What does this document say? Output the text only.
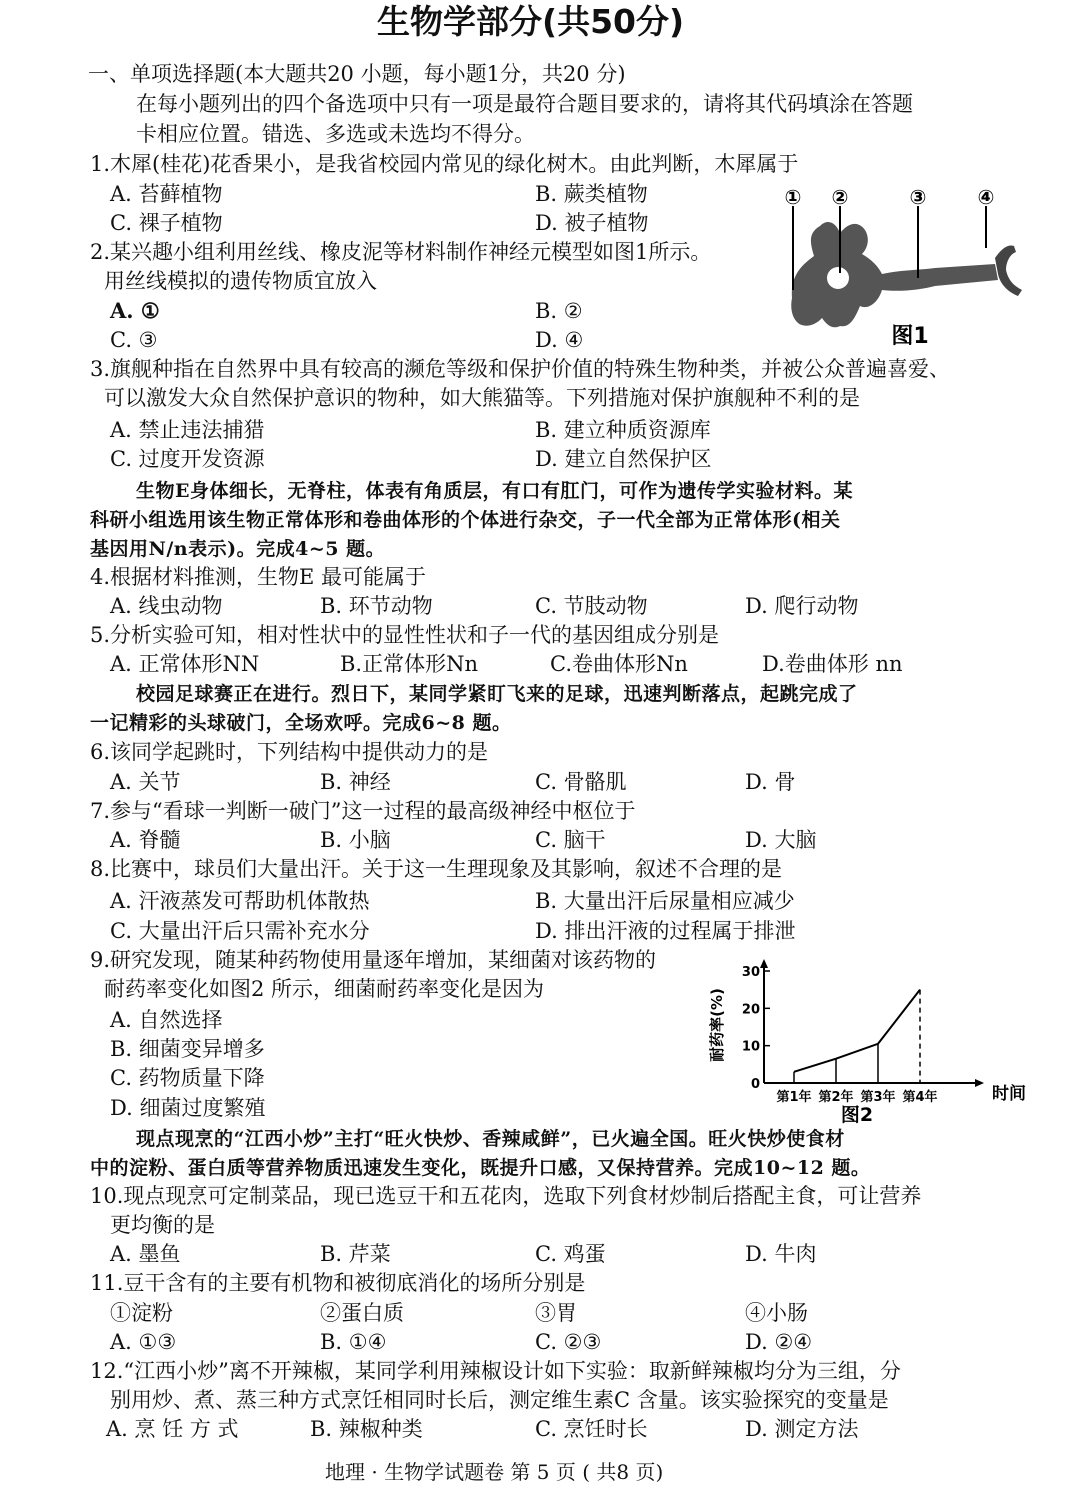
生物学部分(共50分)
一、单项选择题(本大题共20 小题，每小题1分，共20 分)
在每小题列出的四个备选项中只有一项是最符合题目要求的，请将其代码填涂在答题
卡相应位置。错选、多选或未选均不得分。
1.木犀(桂花)花香果小，是我省校园内常见的绿化树木。由此判断，木犀属于
A. 苔藓植物	B. 蕨类植物
C. 裸子植物	D. 被子植物
2.某兴趣小组利用丝线、橡皮泥等材料制作神经元模型如图1所示。
用丝线模拟的遗传物质宜放入
A. ①	B. ②
C. ③	D. ④
① ②	③	④
图1
3.旗舰种指在自然界中具有较高的濒危等级和保护价值的特殊生物种类，并被公众普遍喜爱、
可以激发大众自然保护意识的物种，如大熊猫等。下列措施对保护旗舰种不利的是
A. 禁止违法捕猎	B. 建立种质资源库
C. 过度开发资源	D. 建立自然保护区
生物E身体细长，无脊柱，体表有角质层，有口有肛门，可作为遗传学实验材料。某
科研小组选用该生物正常体形和卷曲体形的个体进行杂交，子一代全部为正常体形(相关
基因用N/n表示)。完成4~5 题。
4.根据材料推测，生物E 最可能属于
A. 线虫动物	B. 环节动物	C. 节肢动物	D. 爬行动物
5.分析实验可知，相对性状中的显性性状和子一代的基因组成分别是
A. 正常体形NN	B.正常体形Nn	C.卷曲体形Nn	D.卷曲体形 nn
校园足球赛正在进行。烈日下，某同学紧盯飞来的足球，迅速判断落点，起跳完成了
一记精彩的头球破门，全场欢呼。完成6~8 题。
6.该同学起跳时，下列结构中提供动力的是
A. 关节	B. 神经	C. 骨骼肌	D. 骨
7.参与“看球一判断一破门”这一过程的最高级神经中枢位于
A. 脊髓	B. 小脑	C. 脑干	D. 大脑
8.比赛中，球员们大量出汗。关于这一生理现象及其影响，叙述不合理的是
A. 汗液蒸发可帮助机体散热	B. 大量出汗后尿量相应减少
C. 大量出汗后只需补充水分	D. 排出汗液的过程属于排泄
9.研究发现，随某种药物使用量逐年增加，某细菌对该药物的
耐药率变化如图2 所示，细菌耐药率变化是因为
A. 自然选择
B. 细菌变异增多
C. 药物质量下降
D. 细菌过度繁殖
0
10
20
30
第1年 第2年 第3年 第4年
耐药率(%)
时间
图2
现点现烹的“江西小炒”主打“旺火快炒、香辣咸鲜”，已火遍全国。旺火快炒使食材
中的淀粉、蛋白质等营养物质迅速发生变化，既提升口感，又保持营养。完成10~12 题。
10.现点现烹可定制菜品，现已选豆干和五花肉，选取下列食材炒制后搭配主食，可让营养
更均衡的是
A. 墨鱼	B. 芹菜	C. 鸡蛋	D. 牛肉
11.豆干含有的主要有机物和被彻底消化的场所分别是
①淀粉	②蛋白质	③胃	④小肠
A. ①③	B. ①④	C. ②③	D. ②④
12.“江西小炒”离不开辣椒，某同学利用辣椒设计如下实验：取新鲜辣椒均分为三组，分
别用炒、煮、蒸三种方式烹饪相同时长后，测定维生素C 含量。该实验探究的变量是
A. 烹 饪 方 式	B. 辣椒种类	C. 烹饪时长	D. 测定方法
地理 · 生物学试题卷 第 5 页 ( 共8 页)
